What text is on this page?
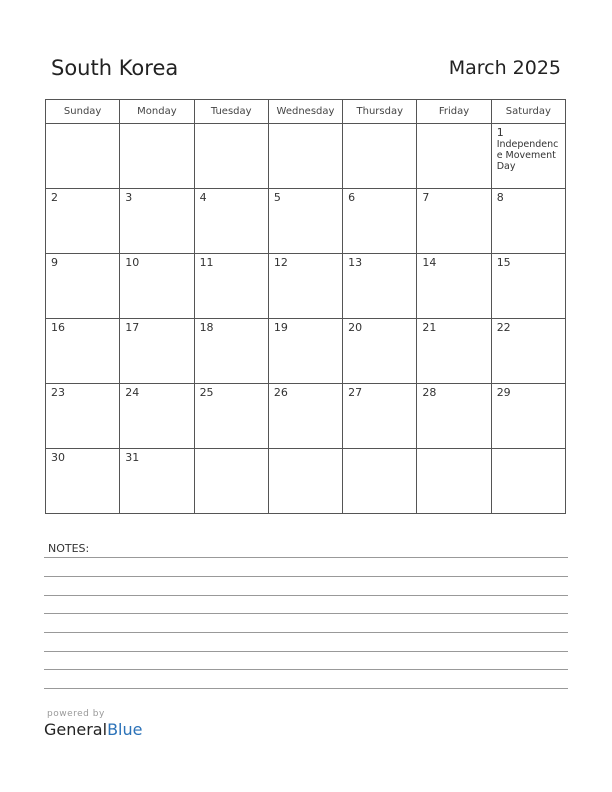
South Korea	March 2025
Sunday	Monday	Tuesday	Wednesday	Thursday	Friday	Saturday

						1
Independence Movement Day

2	3	4	5	6	7	8

9	10	11	12	13	14	15

16	17	18	19	20	21	22

23	24	25	26	27	28	29

30	31					

NOTES:
powered by
GeneralBlue
